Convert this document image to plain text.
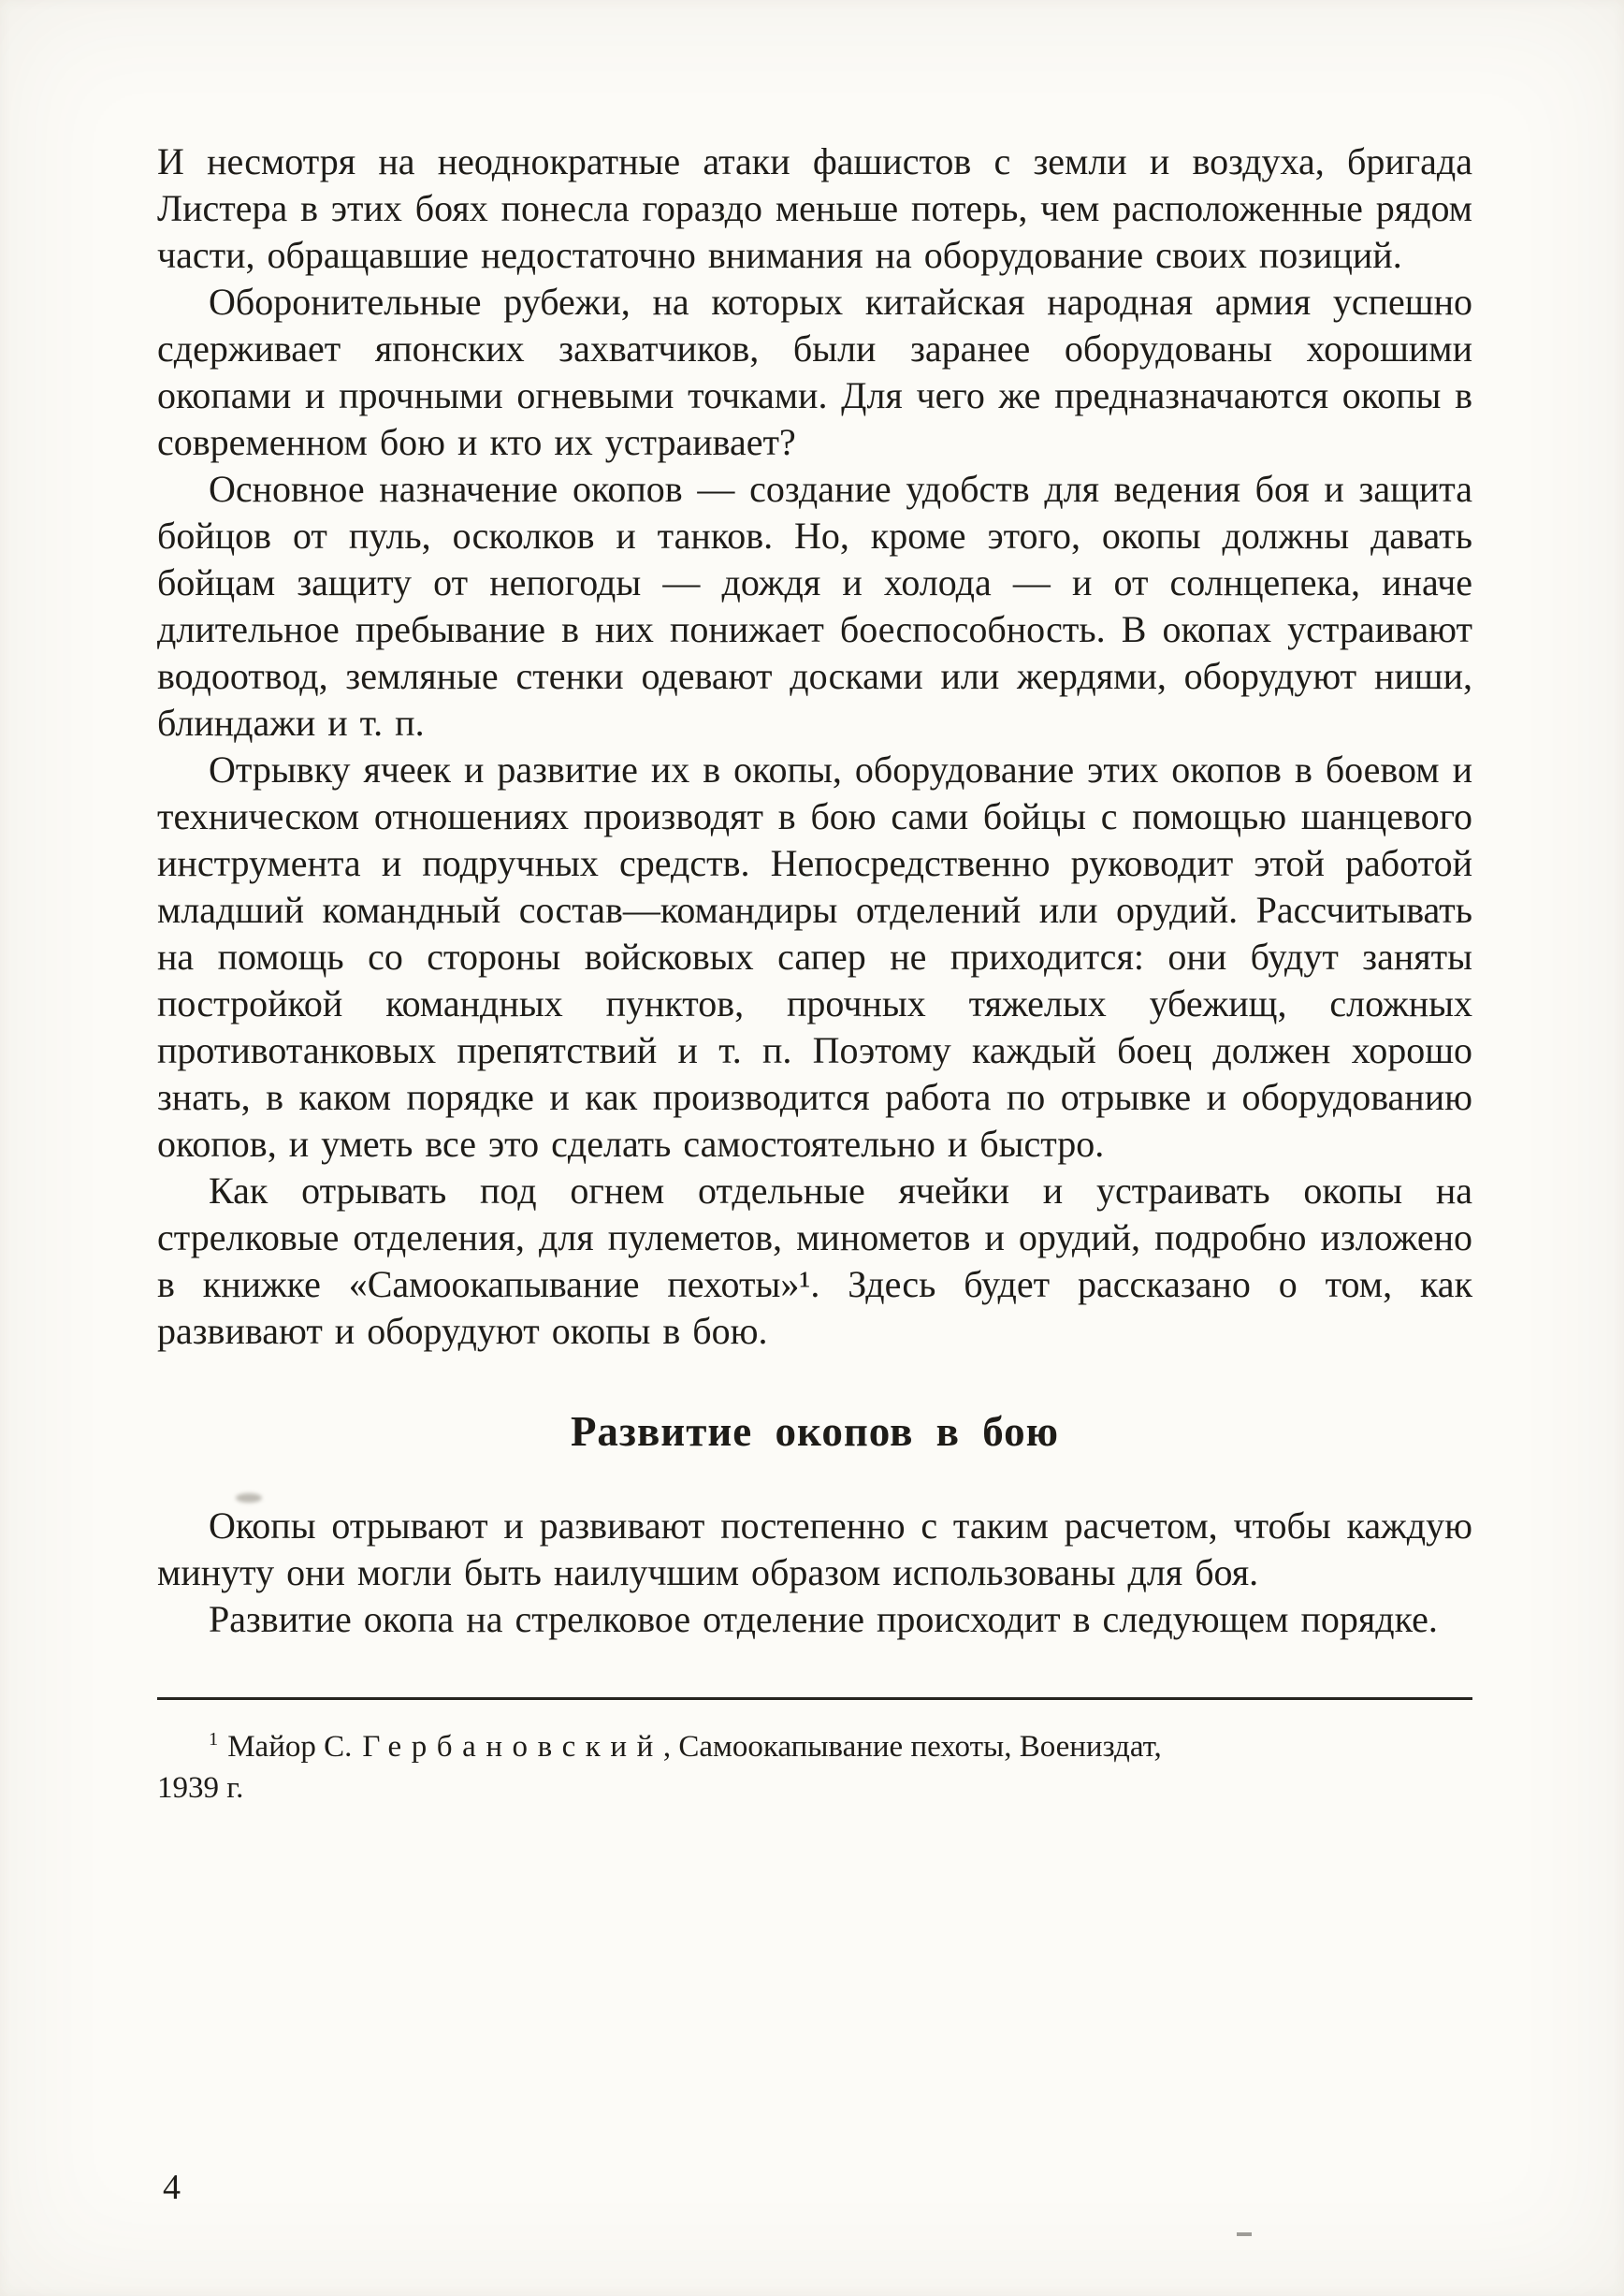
И несмотря на неоднократные атаки фашистов с земли и воздуха, бригада Листера в этих боях понесла гораздо меньше потерь, чем расположенные рядом части, обращавшие недостаточно внимания на оборудование своих позиций.

Оборонительные рубежи, на которых китайская народная армия успешно сдерживает японских захватчиков, были заранее оборудованы хорошими окопами и прочными огневыми точками. Для чего же предназначаются окопы в современном бою и кто их устраивает?

Основное назначение окопов — создание удобств для ведения боя и защита бойцов от пуль, осколков и танков. Но, кроме этого, окопы должны давать бойцам защиту от непогоды — дождя и холода — и от солнцепека, иначе длительное пребывание в них понижает боеспособность. В окопах устраивают водоотвод, земляные стенки одевают досками или жердями, оборудуют ниши, блиндажи и т. п.

Отрывку ячеек и развитие их в окопы, оборудование этих окопов в боевом и техническом отношениях производят в бою сами бойцы с помощью шанцевого инструмента и подручных средств. Непосредственно руководит этой работой младший командный состав—командиры отделений или орудий. Рассчитывать на помощь со стороны войсковых сапер не приходится: они будут заняты постройкой командных пунктов, прочных тяжелых убежищ, сложных противотанковых препятствий и т. п. Поэтому каждый боец должен хорошо знать, в каком порядке и как производится работа по отрывке и оборудованию окопов, и уметь все это сделать самостоятельно и быстро.

Как отрывать под огнем отдельные ячейки и устраивать окопы на стрелковые отделения, для пулеметов, минометов и орудий, подробно изложено в книжке «Самоокапывание пехоты»¹. Здесь будет рассказано о том, как развивают и оборудуют окопы в бою.

Развитие окопов в бою

Окопы отрывают и развивают постепенно с таким расчетом, чтобы каждую минуту они могли быть наилучшим образом использованы для боя.

Развитие окопа на стрелковое отделение происходит в следующем порядке.

$^1$ Майор С. Гербановский, Самоокапывание пехоты, Воениздат,
1939 г.

4
